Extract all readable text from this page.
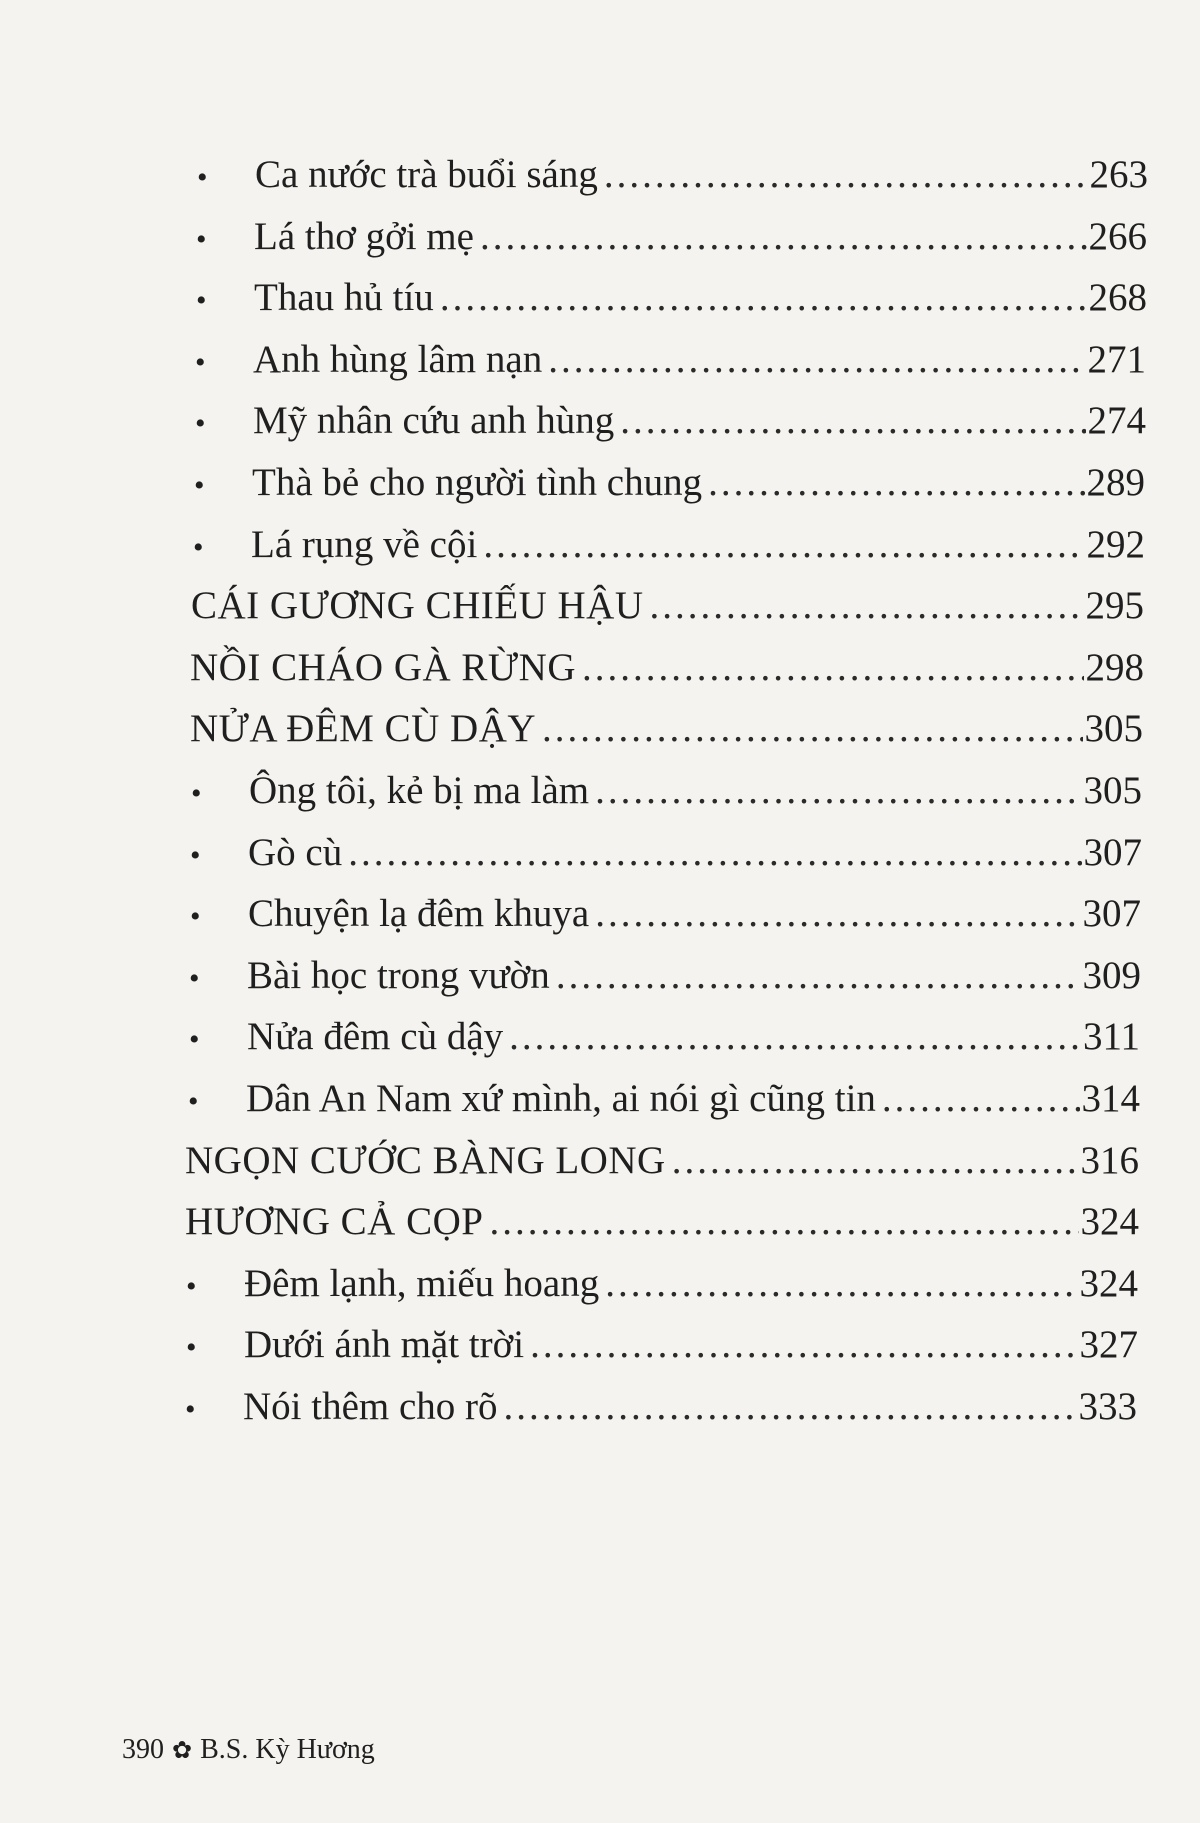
•	Ca nước trà buổi sáng .....	263
•	Lá thơ gởi mẹ .....	266
•	Thau hủ tíu .....	268
•	Anh hùng lâm nạn .....	271
•	Mỹ nhân cứu anh hùng .....	274
•	Thà bẻ cho người tình chung .....	289
•	Lá rụng về cội .....	292
CÁI GƯƠNG CHIẾU HẬU .....	295
NỒI CHÁO GÀ RỪNG .....	298
NỬA ĐÊM CÙ DẬY .....	305
•	Ông tôi, kẻ bị ma làm .....	305
•	Gò cù .....	307
•	Chuyện lạ đêm khuya .....	307
•	Bài học trong vườn .....	309
•	Nửa đêm cù dậy .....	311
•	Dân An Nam xứ mình, ai nói gì cũng tin .....	314
NGỌN CƯỚC BÀNG LONG .....	316
HƯƠNG CẢ CỌP .....	324
•	Đêm lạnh, miếu hoang .....	324
•	Dưới ánh mặt trời .....	327
•	Nói thêm cho rõ .....	333
390 ✿ B.S. Kỳ Hương
